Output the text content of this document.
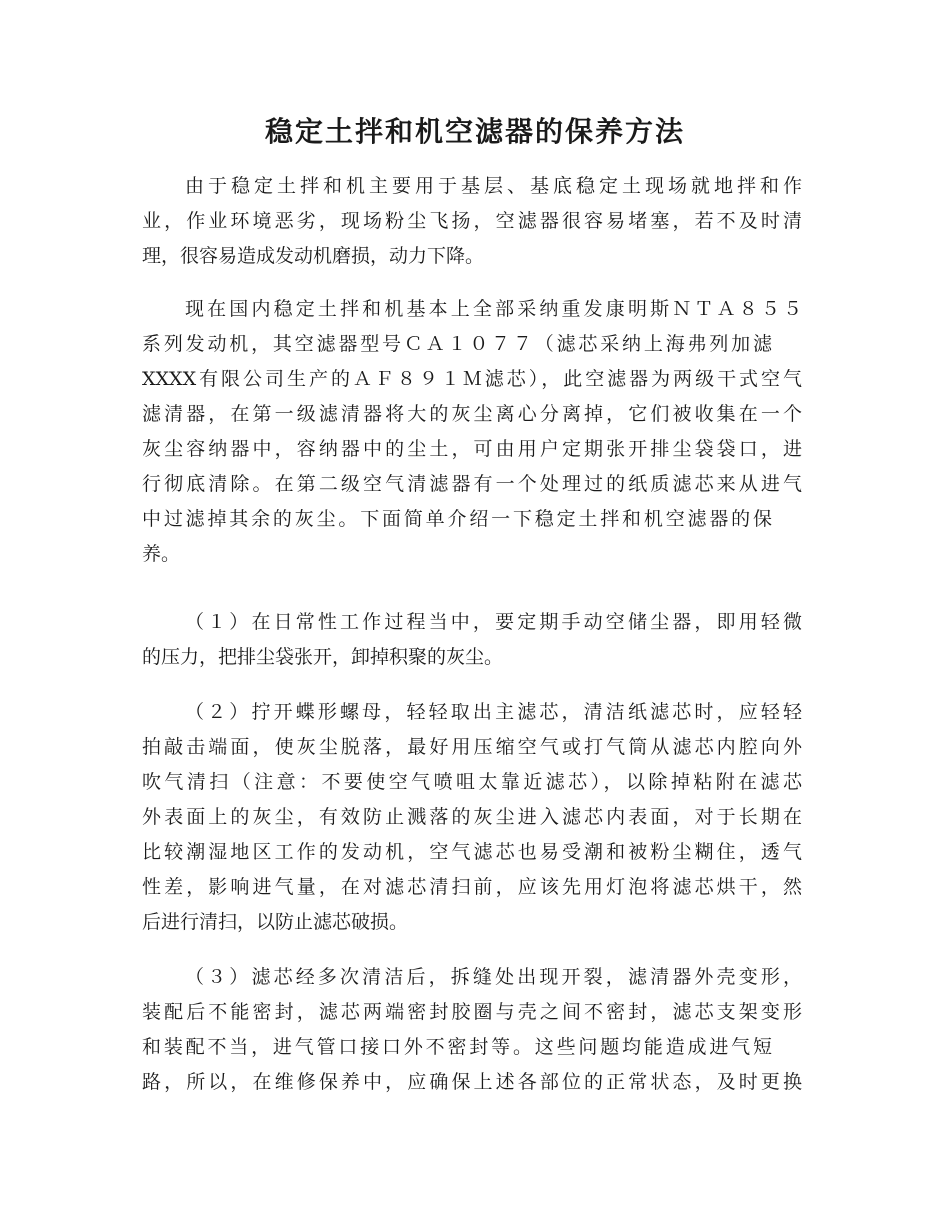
稳定土拌和机空滤器的保养方法

由于稳定土拌和机主要用于基层、基底稳定土现场就地拌和作

业，作业环境恶劣，现场粉尘飞扬，空滤器很容易堵塞，若不及时清

理，很容易造成发动机磨损，动力下降。

现在国内稳定土拌和机基本上全部采纳重发康明斯ＮＴＡ８５５

系列发动机，其空滤器型号ＣＡ１０７７（滤芯采纳上海弗列加滤

XXXX有限公司生产的ＡＦ８９１Ｍ滤芯），此空滤器为两级干式空气

滤清器，在第一级滤清器将大的灰尘离心分离掉，它们被收集在一个

灰尘容纳器中，容纳器中的尘土，可由用户定期张开排尘袋袋口，进

行彻底清除。在第二级空气清滤器有一个处理过的纸质滤芯来从进气

中过滤掉其余的灰尘。下面简单介绍一下稳定土拌和机空滤器的保

养。

（１）在日常性工作过程当中，要定期手动空储尘器，即用轻微

的压力，把排尘袋张开，卸掉积聚的灰尘。

（２）拧开蝶形螺母，轻轻取出主滤芯，清洁纸滤芯时，应轻轻

拍敲击端面，使灰尘脱落，最好用压缩空气或打气筒从滤芯内腔向外

吹气清扫（注意：不要使空气喷咀太靠近滤芯），以除掉粘附在滤芯

外表面上的灰尘，有效防止溅落的灰尘进入滤芯内表面，对于长期在

比较潮湿地区工作的发动机，空气滤芯也易受潮和被粉尘糊住，透气

性差，影响进气量，在对滤芯清扫前，应该先用灯泡将滤芯烘干，然

后进行清扫，以防止滤芯破损。

（３）滤芯经多次清洁后，拆缝处出现开裂，滤清器外壳变形，

装配后不能密封，滤芯两端密封胶圈与壳之间不密封，滤芯支架变形

和装配不当，进气管口接口外不密封等。这些问题均能造成进气短

路，所以，在维修保养中，应确保上述各部位的正常状态，及时更换
